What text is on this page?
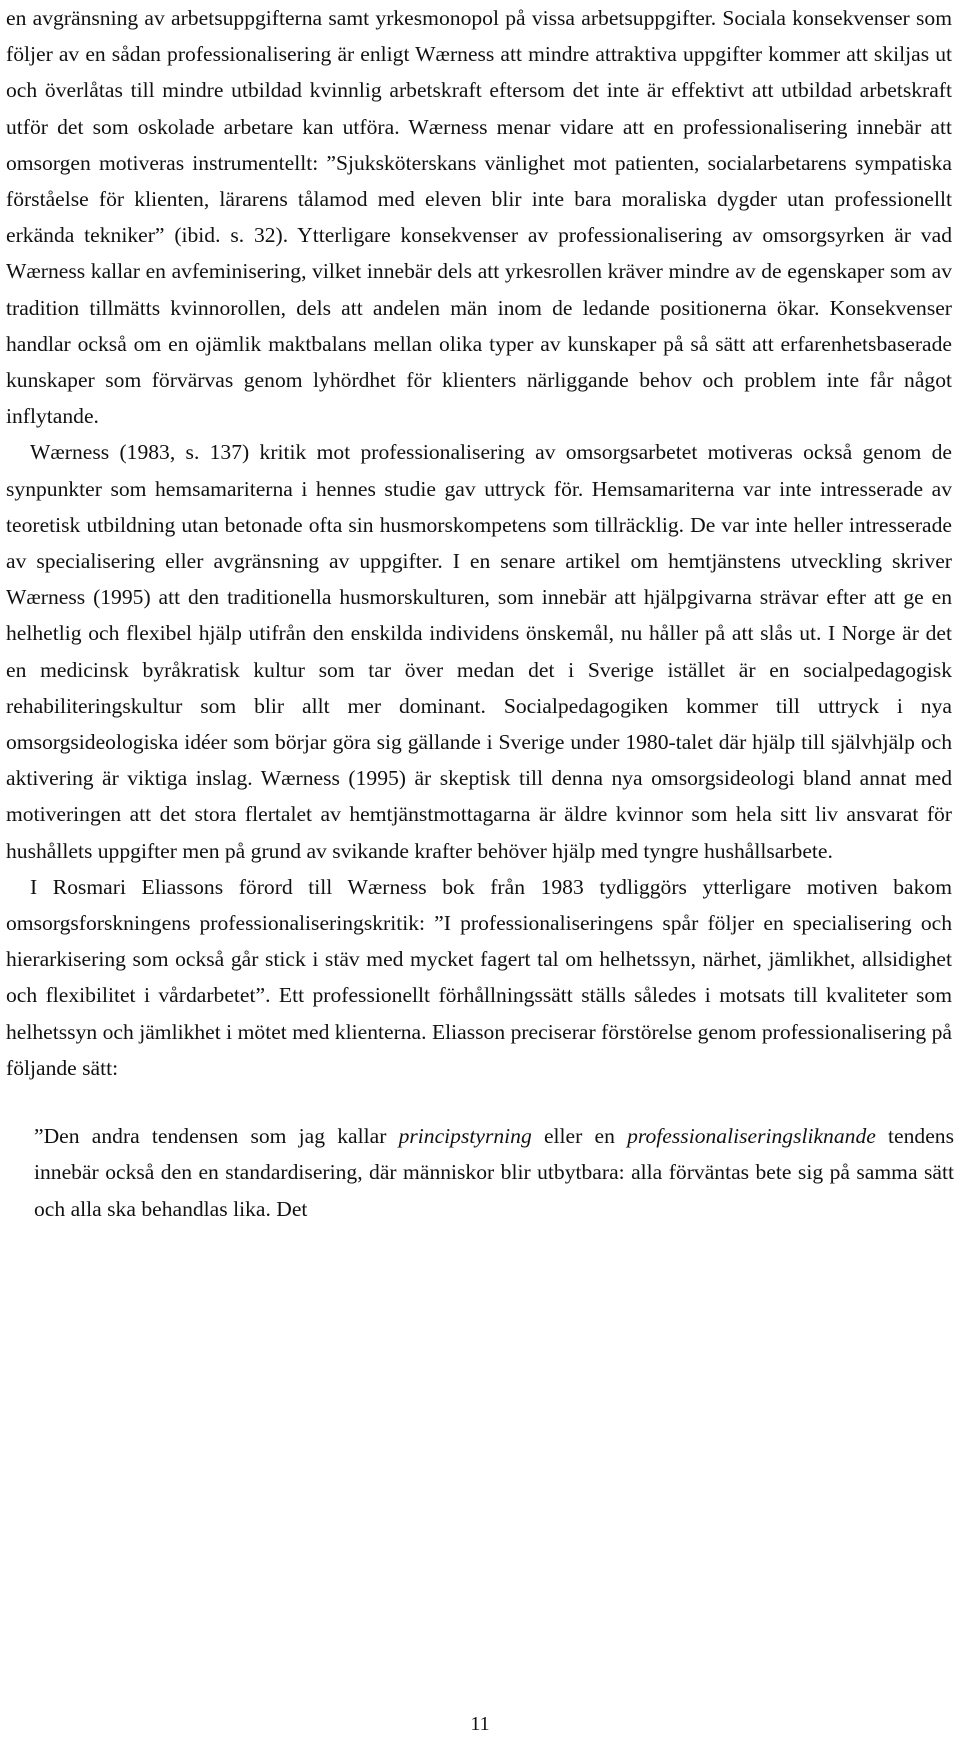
en avgränsning av arbetsuppgifterna samt yrkesmonopol på vissa arbetsuppgifter. Sociala konsekvenser som följer av en sådan professionalisering är enligt Wærness att mindre attraktiva uppgifter kommer att skiljas ut och överlåtas till mindre utbildad kvinnlig arbetskraft eftersom det inte är effektivt att utbildad arbetskraft utför det som oskolade arbetare kan utföra. Wærness menar vidare att en professionalisering innebär att omsorgen motiveras instrumentellt: ”Sjuksköterskans vänlighet mot patienten, socialarbetarens sympatiska förståelse för klienten, lärarens tålamod med eleven blir inte bara moraliska dygder utan professionellt erkända tekniker” (ibid. s. 32). Ytterligare konsekvenser av professionalisering av omsorgsyrken är vad Wærness kallar en avfeminisering, vilket innebär dels att yrkesrollen kräver mindre av de egenskaper som av tradition tillmätts kvinnorollen, dels att andelen män inom de ledande positionerna ökar. Konsekvenser handlar också om en ojämlik maktbalans mellan olika typer av kunskaper på så sätt att erfarenhetsbaserade kunskaper som förvärvas genom lyhördhet för klienters närliggande behov och problem inte får något inflytande.

Wærness (1983, s. 137) kritik mot professionalisering av omsorgsarbetet motiveras också genom de synpunkter som hemsamariterna i hennes studie gav uttryck för. Hemsamariterna var inte intresserade av teoretisk utbildning utan betonade ofta sin husmorskompetens som tillräcklig. De var inte heller intresserade av specialisering eller avgränsning av uppgifter. I en senare artikel om hemtjänstens utveckling skriver Wærness (1995) att den traditionella husmorskulturen, som innebär att hjälpgivarna strävar efter att ge en helhetlig och flexibel hjälp utifrån den enskilda individens önskemål, nu håller på att slås ut. I Norge är det en medicinsk byråkratisk kultur som tar över medan det i Sverige istället är en socialpedagogisk rehabiliteringskultur som blir allt mer dominant. Socialpedagogiken kommer till uttryck i nya omsorgsideologiska idéer som börjar göra sig gällande i Sverige under 1980-talet där hjälp till självhjälp och aktivering är viktiga inslag. Wærness (1995) är skeptisk till denna nya omsorgsideologi bland annat med motiveringen att det stora flertalet av hemtjänstmottagarna är äldre kvinnor som hela sitt liv ansvarat för hushållets uppgifter men på grund av svikande krafter behöver hjälp med tyngre hushållsarbete.

I Rosmari Eliassons förord till Wærness bok från 1983 tydliggörs ytterligare motiven bakom omsorgsforskningens professionaliseringskritik: ”I professionaliseringens spår följer en specialisering och hierarkisering som också går stick i stäv med mycket fagert tal om helhetssyn, närhet, jämlikhet, allsidighet och flexibilitet i vårdarbetet”. Ett professionellt förhållningssätt ställs således i motsats till kvaliteter som helhetssyn och jämlikhet i mötet med klienterna. Eliasson preciserar förstörelse genom professionalisering på följande sätt:

”Den andra tendensen som jag kallar principstyrning eller en professionaliseringsliknande tendens innebär också den en standardisering, där människor blir utbytbara: alla förväntas bete sig på samma sätt och alla ska behandlas lika. Det

11
